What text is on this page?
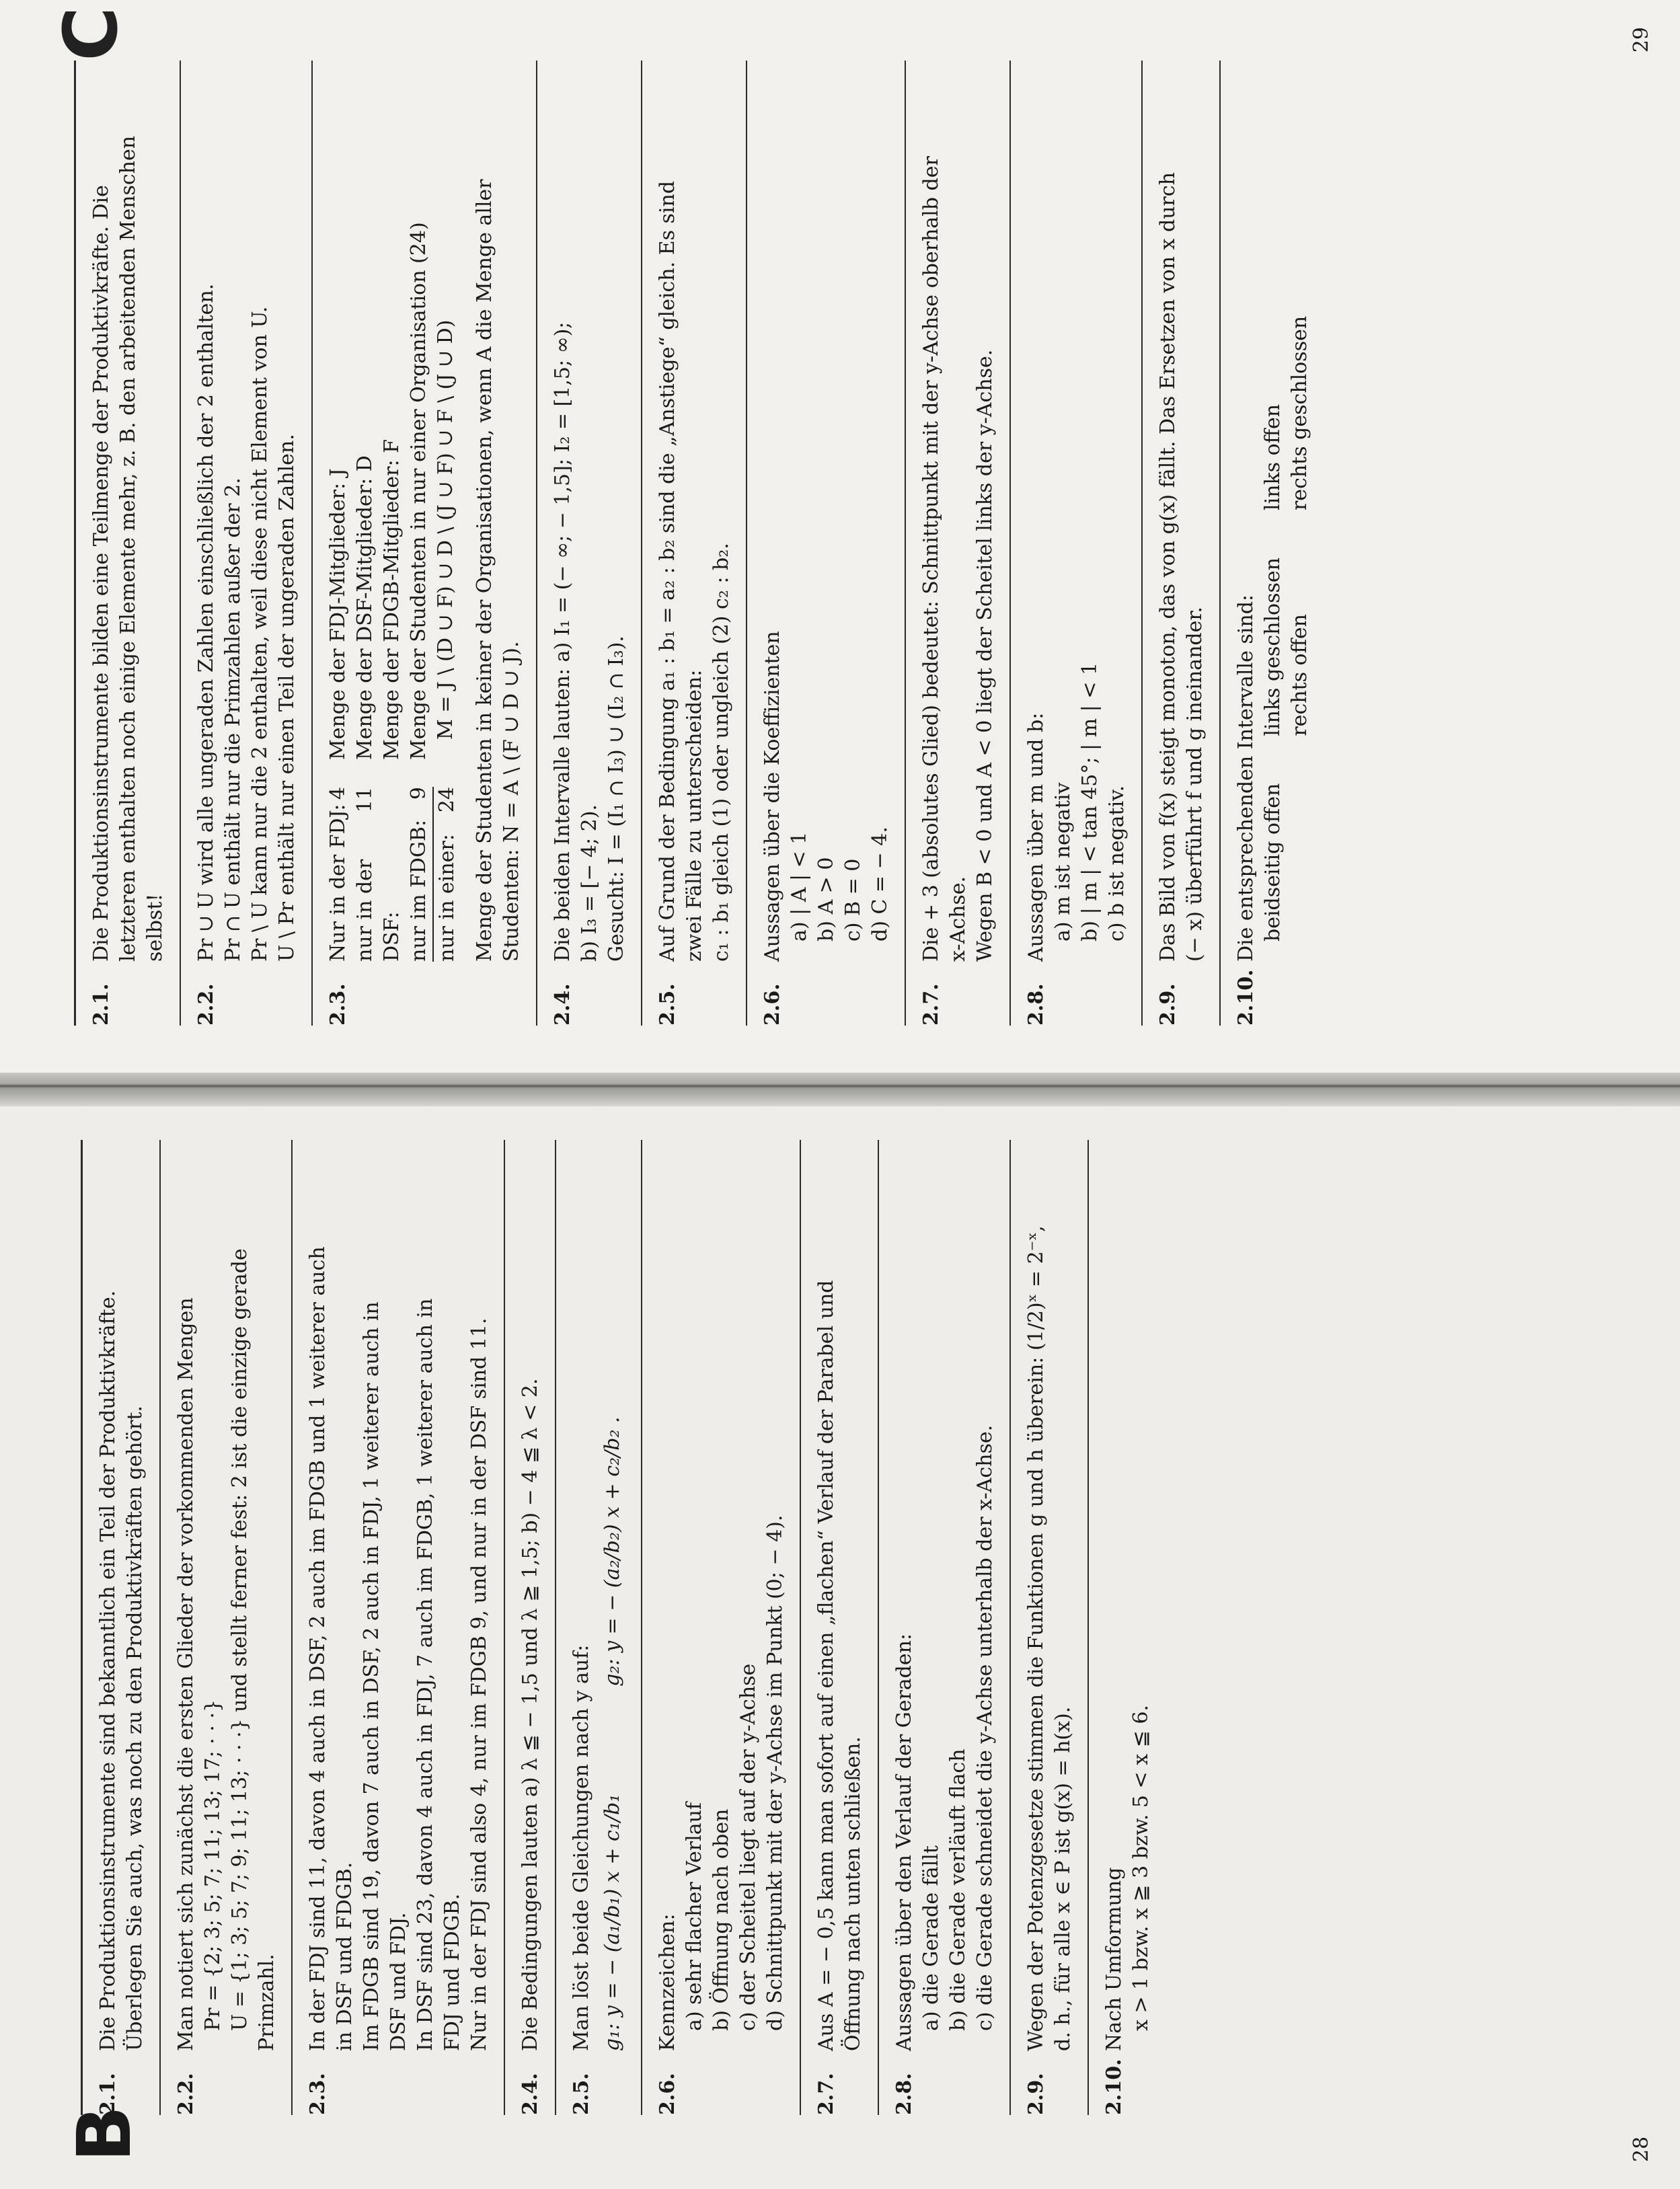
B
2.1.

Die Produktionsinstrumente sind bekanntlich ein Teil der Produktivkräfte. Überlegen Sie auch, was noch zu den Produktivkräften gehört.

2.2.

Man notiert sich zunächst die ersten Glieder der vorkommenden Mengen Pr = {2; 3; 5; 7; 11; 13; 17; · · ·} U = {1; 3; 5; 7; 9; 11; 13; · · ·} und stellt ferner fest: 2 ist die einzige gerade Primzahl.

2.3.

In der FDJ sind 11, davon 4 auch in DSF, 2 auch im FDGB und 1 weiterer auch in DSF und FDGB. Im FDGB sind 19, davon 7 auch in DSF, 2 auch in FDJ, 1 weiterer auch in DSF und FDJ. In DSF sind 23, davon 4 auch in FDJ, 7 auch im FDGB, 1 weiterer auch in FDJ und FDGB. Nur in der FDJ sind also 4, nur im FDGB 9, und nur in der DSF sind 11.

2.4.

Die Bedingungen lauten a) λ ≦ − 1,5 und λ ≧ 1,5; b) − 4 ≦ λ < 2.

2.5.

Man löst beide Gleichungen nach y auf: g₁: y = − (a₁/b₁) x + c₁/b₁
g₂: y = − (a₂/b₂) x + c₂/b₂ .
2.6.

Kennzeichen: a) sehr flacher Verlauf b) Öffnung nach oben c) der Scheitel liegt auf der y-Achse d) Schnittpunkt mit der y-Achse im Punkt (0; − 4).

2.7.

Aus A = − 0,5 kann man sofort auf einen „flachen“ Verlauf der Parabel und Öffnung nach unten schließen.

2.8.

Aussagen über den Verlauf der Geraden: a) die Gerade fällt b) die Gerade verläuft flach c) die Gerade schneidet die y-Achse unterhalb der x-Achse.

2.9.

Wegen der Potenzgesetze stimmen die Funktionen g und h überein: (1/2)ˣ = 2⁻ˣ, d. h., für alle x ∈ P ist g(x) = h(x).

2.10.

Nach Umformung x > 1 bzw. x ≧ 3 bzw. 5 < x ≦ 6.

28
C
2.1.

Die Produktionsinstrumente bilden eine Teilmenge der Produktivkräfte. Die letzteren enthalten noch einige Elemente mehr, z. B. den arbeitenden Menschen selbst!

2.2.

Pr ∪ U wird alle ungeraden Zahlen einschließlich der 2 enthalten. Pr ∩ U enthält nur die Primzahlen außer der 2. Pr \ U kann nur die 2 enthalten, weil diese nicht Element von U. U \ Pr enthält nur einen Teil der ungeraden Zahlen.

2.3.
Nur in der FDJ:
4
nur in der DSF:
11
nur im FDGB:
9
nur in einer:
24

Menge der FDJ-Mitglieder: J Menge der DSF-Mitglieder: D Menge der FDGB-Mitglieder: F Menge der Studenten in nur einer Organisation (24) M = J \ (D ∪ F) ∪ D \ (J ∪ F) ∪ F \ (J ∪ D) Menge der Studenten in keiner der Organisationen, wenn A die Menge aller Studenten: N = A \ (F ∪ D ∪ J).

2.4.

Die beiden Intervalle lauten: a) I₁ = (− ∞; − 1,5]; I₂ = [1,5; ∞); b) I₃ = [− 4; 2). Gesucht: I = (I₁ ∩ I₃) ∪ (I₂ ∩ I₃).

2.5.

Auf Grund der Bedingung a₁ : b₁ = a₂ : b₂ sind die „Anstiege“ gleich. Es sind zwei Fälle zu unterscheiden: c₁ : b₁ gleich (1) oder ungleich (2) c₂ : b₂.

2.6.

Aussagen über die Koeffizienten a) | A | < 1 b) A > 0 c) B = 0 d) C = − 4.

2.7.

Die + 3 (absolutes Glied) bedeutet: Schnittpunkt mit der y-Achse oberhalb der x-Achse. Wegen B < 0 und A < 0 liegt der Scheitel links der y-Achse.

2.8.

Aussagen über m und b: a) m ist negativ b) | m | < tan 45°; | m | < 1 c) b ist negativ.

2.9.

Das Bild von f(x) steigt monoton, das von g(x) fällt. Das Ersetzen von x durch (− x) überführt f und g ineinander.

2.10.

Die entsprechenden Intervalle sind: beidseitig offen

links geschlossen rechts offen

links offen rechts geschlossen

29
